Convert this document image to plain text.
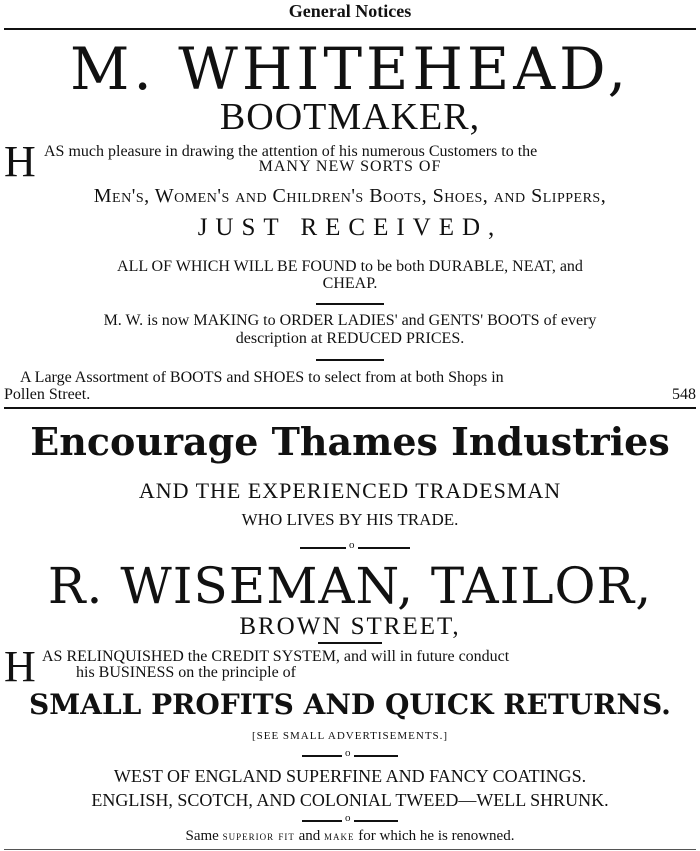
General Notices
M. WHITEHEAD,
BOOTMAKER,
H AS much pleasure in drawing the attention of his numerous Customers to the
MANY NEW SORTS OF
Men's, Women's and Children's Boots, Shoes, and Slippers,
JUST RECEIVED,
ALL OF WHICH WILL BE FOUND to be both DURABLE, NEAT, and
CHEAP.
M. W. is now MAKING to ORDER LADIES' and GENTS' BOOTS of every
description at REDUCED PRICES.
A Large Assortment of BOOTS and SHOES to select from at both Shops in
Pollen Street.	548
Encourage Thames Industries
AND THE EXPERIENCED TRADESMAN
WHO LIVES BY HIS TRADE.
o
R. WISEMAN, TAILOR,
BROWN STREET,
H AS RELINQUISHED the CREDIT SYSTEM, and will in future conduct
his BUSINESS on the principle of
SMALL PROFITS AND QUICK RETURNS.
[SEE SMALL ADVERTISEMENTS.]
o
WEST OF ENGLAND SUPERFINE AND FANCY COATINGS.
ENGLISH, SCOTCH, AND COLONIAL TWEED—WELL SHRUNK.
o
Same superior fit and make for which he is renowned.
